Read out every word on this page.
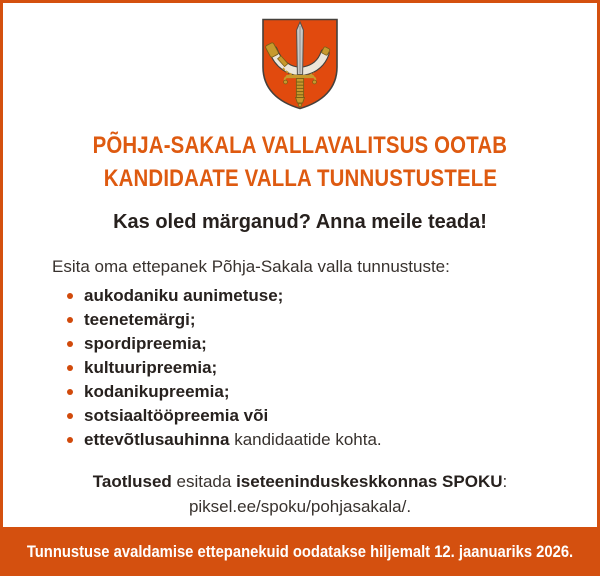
PÕHJA-SAKALA VALLAVALITSUS OOTAB
KANDIDAATE VALLA TUNNUSTUSTELE
Kas oled märganud? Anna meile teada!

Esita oma ettepanek Põhja-Sakala valla tunnustuste:

aukodaniku aunimetuse;
teenetemärgi;
spordipreemia;
kultuuripreemia;
kodanikupreemia;
sotsiaaltööpreemia või
ettevõtlusauhinna kandidaatide kohta.
Taotlused esitada iseteeninduskeskkonnas SPOKU:
piksel.ee/spoku/pohjasakala/.
Tunnustuse avaldamise ettepanekuid oodatakse hiljemalt 12. jaanuariks 2026.
